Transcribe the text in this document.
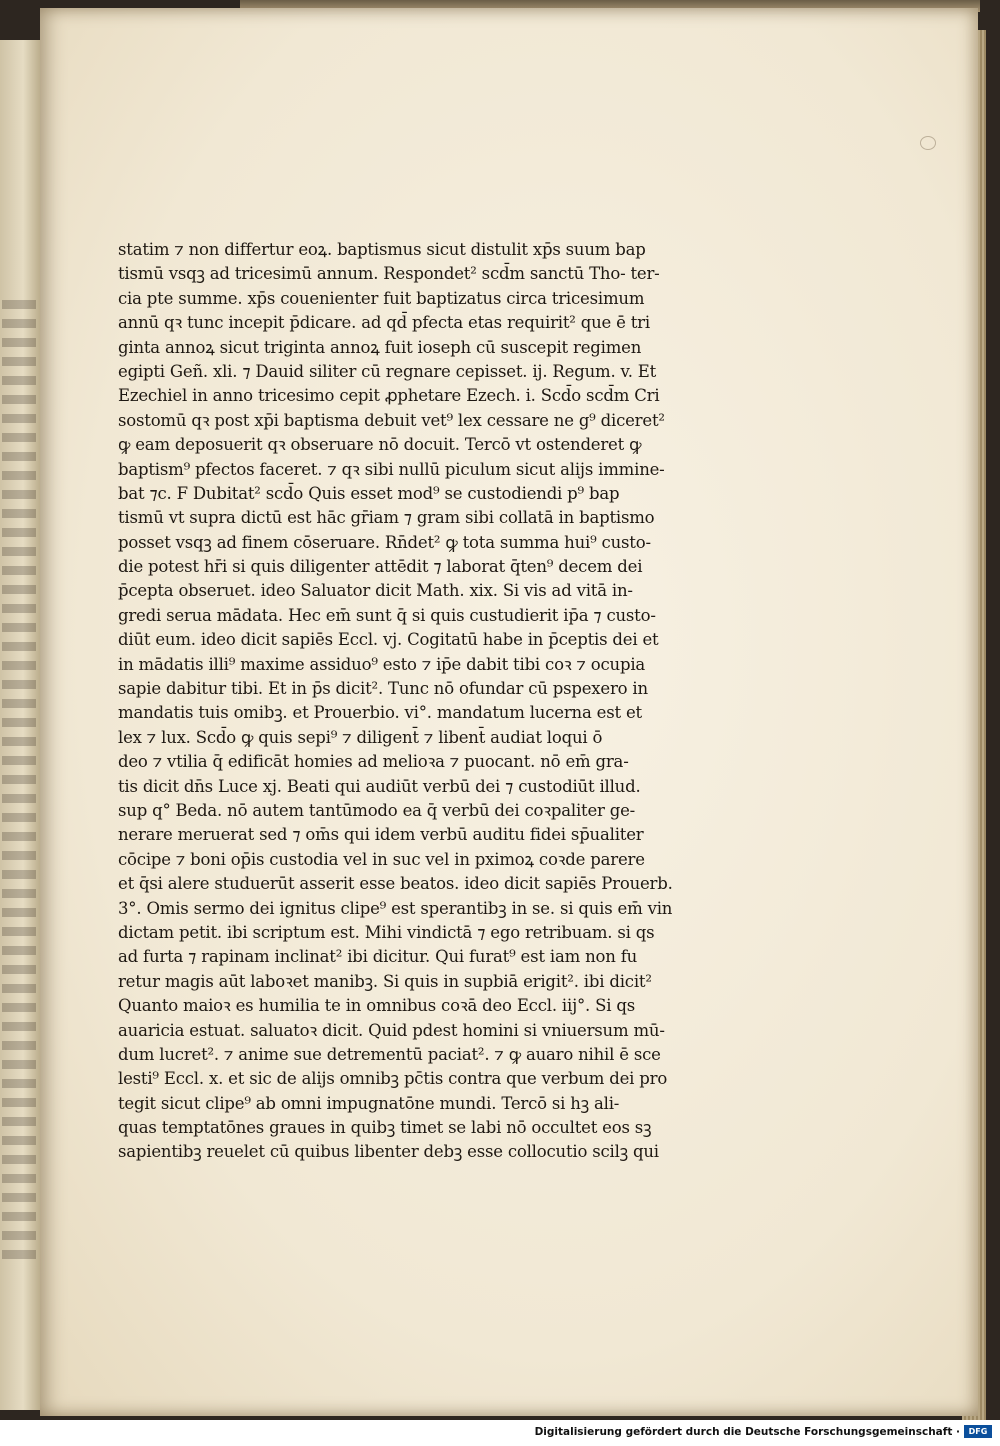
statim ⁊ non differtur eoꝝ. baptismus sicut distulit xp̄s suum bap
tismū vsqꝫ ad tricesimū annum. Respondet² scd̄m sanctū Tho- ter-
cia pte summe. xp̄s couenienter fuit baptizatus circa tricesimum
annū qꝛ tunc incepit p̄dicare. ad qd̄ pfecta etas requirit² que ē tri
ginta annoꝝ sicut triginta annoꝝ fuit ioseph cū suscepit regimen
egipti Geñ. xli. ⁊ Dauid siliter cū regnare cepisset. ij. Regum. v. Et
Ezechiel in anno tricesimo cepit ꝓphetare Ezech. i. Scd̄o scd̄m Cri
sostomū qꝛ post xp̄i baptisma debuit vet⁹ lex cessare ne g⁹ diceret²
ꝙ eam deposuerit qꝛ obseruare nō docuit. Tercō vt ostenderet ꝙ
baptism⁹ pfectos faceret. ⁊ qꝛ sibi nullū piculum sicut alijs immine-
bat ⁊c. F Dubitat² scd̄o Quis esset mod⁹ se custodiendi p⁹ bap
tismū vt supra dictū est hāc gr̄iam ⁊ gram sibi collatā in baptismo
posset vsqꝫ ad finem cōseruare. Rn̄det² ꝙ tota summa hui⁹ custo-
die potest hr̄i si quis diligenter attēdit ⁊ laborat q̄ten⁹ decem dei
p̄cepta obseruet. ideo Saluator dicit Math. xix. Si vis ad vitā in-
gredi serua mādata. Hec em̄ sunt q̄ si quis custudierit ip̄a ⁊ custo-
diūt eum. ideo dicit sapiēs Eccl. vj. Cogitatū habe in p̄ceptis dei et
in mādatis illi⁹ maxime assiduo⁹ esto ⁊ ip̄e dabit tibi coꝛ ⁊ ocupia
sapie dabitur tibi. Et in p̄s dicit². Tunc nō ofundar cū pspexero in
mandatis tuis omibꝫ. et Prouerbio. vi°. mandatum lucerna est et
lex ⁊ lux. Scd̄o ꝙ quis sepi⁹ ⁊ diligent̄ ⁊ libent̄ audiat loqui ō
deo ⁊ vtilia q̄ edificāt homies ad melioꝛa ⁊ puocant. nō em̄ gra-
tis dicit dn̄s Luce xj. Beati qui audiūt verbū dei ⁊ custodiūt illud.
sup q° Beda. nō autem tantūmodo ea q̄ verbū dei coꝛpaliter ge-
nerare meruerat sed ⁊ om̄s qui idem verbū auditu fidei sp̄ualiter
cōcipe ⁊ boni op̄is custodia vel in suc vel in pximoꝝ coꝛde parere
et q̄si alere studuerūt asserit esse beatos. ideo dicit sapiēs Prouerb.
3°. Omis sermo dei ignitus clipe⁹ est sperantibꝫ in se. si quis em̄ vin
dictam petit. ibi scriptum est. Mihi vindictā ⁊ ego retribuam. si qs
ad furta ⁊ rapinam inclinat² ibi dicitur. Qui furat⁹ est iam non fu
retur magis aūt laboꝛet manibꝫ. Si quis in supbiā erigit². ibi dicit²
Quanto maioꝛ es humilia te in omnibus coꝛā deo Eccl. iij°. Si qs
auaricia estuat. saluatoꝛ dicit. Quid pdest homini si vniuersum mū-
dum lucret². ⁊ anime sue detrementū paciat². ⁊ ꝙ auaro nihil ē sce
lesti⁹ Eccl. x. et sic de alijs omnibꝫ pc̄tis contra que verbum dei pro
tegit sicut clipe⁹ ab omni impugnatōne mundi. Tercō si hꝫ ali-
quas temptatōnes graues in quibꝫ timet se labi nō occultet eos sꝫ
sapientibꝫ reuelet cū quibus libenter debꝫ esse collocutio scilꝫ qui
Digitalisierung gefördert durch die Deutsche Forschungsgemeinschaft ·	DFG
